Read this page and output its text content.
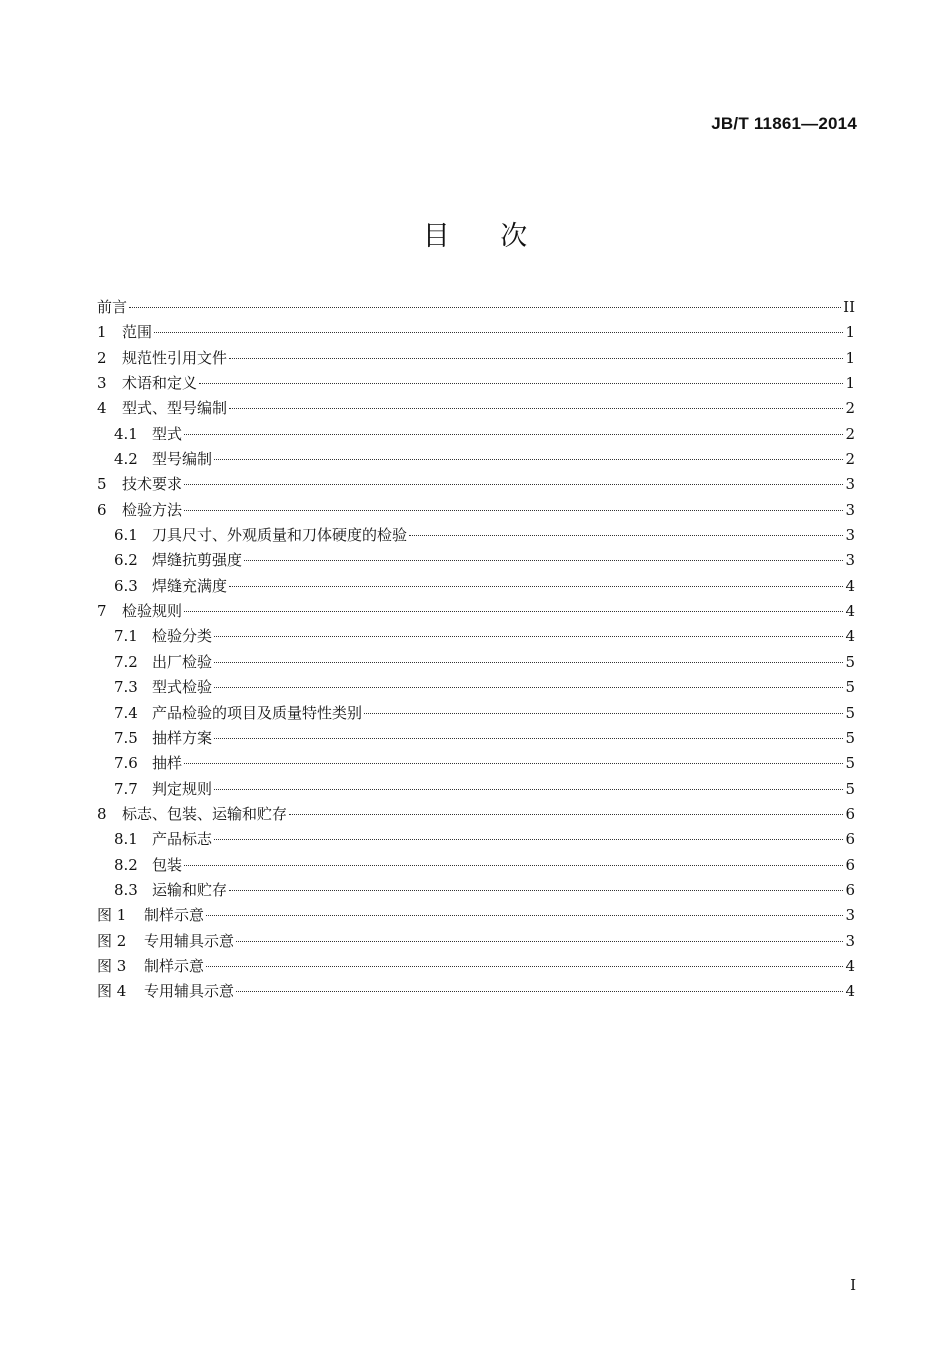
JB/T 11861—2014
目 次
前言	II
1	范围	1
2	规范性引用文件	1
3	术语和定义	1
4	型式、型号编制	2
4.1 型式	2
4.2 型号编制	2
5	技术要求	3
6	检验方法	3
6.1 刀具尺寸、外观质量和刀体硬度的检验	3
6.2 焊缝抗剪强度	3
6.3 焊缝充满度	4
7	检验规则	4
7.1 检验分类	4
7.2 出厂检验	5
7.3 型式检验	5
7.4 产品检验的项目及质量特性类别	5
7.5 抽样方案	5
7.6 抽样	5
7.7 判定规则	5
8	标志、包装、运输和贮存	6
8.1 产品标志	6
8.2 包装	6
8.3 运输和贮存	6
图 1	制样示意	3
图 2	专用辅具示意	3
图 3	制样示意	4
图 4	专用辅具示意	4
I
